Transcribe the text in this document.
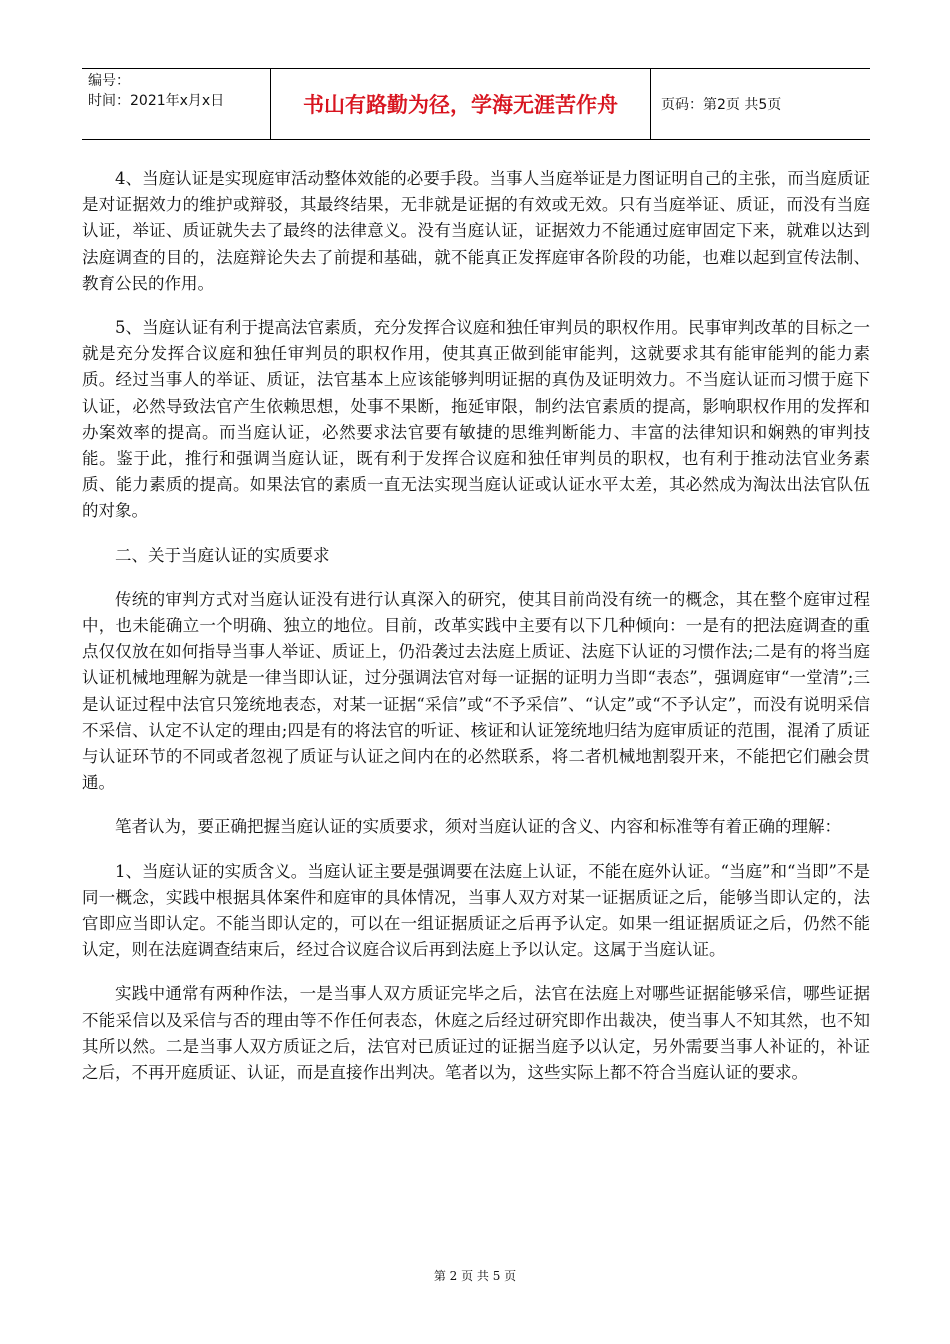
编号：
时间：2021年x月x日	书山有路勤为径，学海无涯苦作舟	页码：第2页 共5页

4、当庭认证是实现庭审活动整体效能的必要手段。当事人当庭举证是力图证明自己的主张，而当庭质证是对证据效力的维护或辩驳，其最终结果，无非就是证据的有效或无效。只有当庭举证、质证，而没有当庭认证，举证、质证就失去了最终的法律意义。没有当庭认证，证据效力不能通过庭审固定下来，就难以达到法庭调查的目的，法庭辩论失去了前提和基础，就不能真正发挥庭审各阶段的功能，也难以起到宣传法制、教育公民的作用。

5、当庭认证有利于提高法官素质，充分发挥合议庭和独任审判员的职权作用。民事审判改革的目标之一就是充分发挥合议庭和独任审判员的职权作用，使其真正做到能审能判，这就要求其有能审能判的能力素质。经过当事人的举证、质证，法官基本上应该能够判明证据的真伪及证明效力。不当庭认证而习惯于庭下认证，必然导致法官产生依赖思想，处事不果断，拖延审限，制约法官素质的提高，影响职权作用的发挥和办案效率的提高。而当庭认证，必然要求法官要有敏捷的思维判断能力、丰富的法律知识和娴熟的审判技能。鉴于此，推行和强调当庭认证，既有利于发挥合议庭和独任审判员的职权，也有利于推动法官业务素质、能力素质的提高。如果法官的素质一直无法实现当庭认证或认证水平太差，其必然成为淘汰出法官队伍的对象。

二、关于当庭认证的实质要求

传统的审判方式对当庭认证没有进行认真深入的研究，使其目前尚没有统一的概念，其在整个庭审过程中，也未能确立一个明确、独立的地位。目前，改革实践中主要有以下几种倾向：一是有的把法庭调查的重点仅仅放在如何指导当事人举证、质证上，仍沿袭过去法庭上质证、法庭下认证的习惯作法;二是有的将当庭认证机械地理解为就是一律当即认证，过分强调法官对每一证据的证明力当即“表态”，强调庭审“一堂清”;三是认证过程中法官只笼统地表态，对某一证据“采信”或“不予采信”、“认定”或“不予认定”，而没有说明采信不采信、认定不认定的理由;四是有的将法官的听证、核证和认证笼统地归结为庭审质证的范围，混淆了质证与认证环节的不同或者忽视了质证与认证之间内在的必然联系，将二者机械地割裂开来，不能把它们融会贯通。

笔者认为，要正确把握当庭认证的实质要求，须对当庭认证的含义、内容和标准等有着正确的理解：

1、当庭认证的实质含义。当庭认证主要是强调要在法庭上认证，不能在庭外认证。“当庭”和“当即”不是同一概念，实践中根据具体案件和庭审的具体情况，当事人双方对某一证据质证之后，能够当即认定的，法官即应当即认定。不能当即认定的，可以在一组证据质证之后再予认定。如果一组证据质证之后，仍然不能认定，则在法庭调查结束后，经过合议庭合议后再到法庭上予以认定。这属于当庭认证。

实践中通常有两种作法，一是当事人双方质证完毕之后，法官在法庭上对哪些证据能够采信，哪些证据不能采信以及采信与否的理由等不作任何表态，休庭之后经过研究即作出裁决，使当事人不知其然，也不知其所以然。二是当事人双方质证之后，法官对已质证过的证据当庭予以认定，另外需要当事人补证的，补证之后，不再开庭质证、认证，而是直接作出判决。笔者以为，这些实际上都不符合当庭认证的要求。

第 2 页 共 5 页
